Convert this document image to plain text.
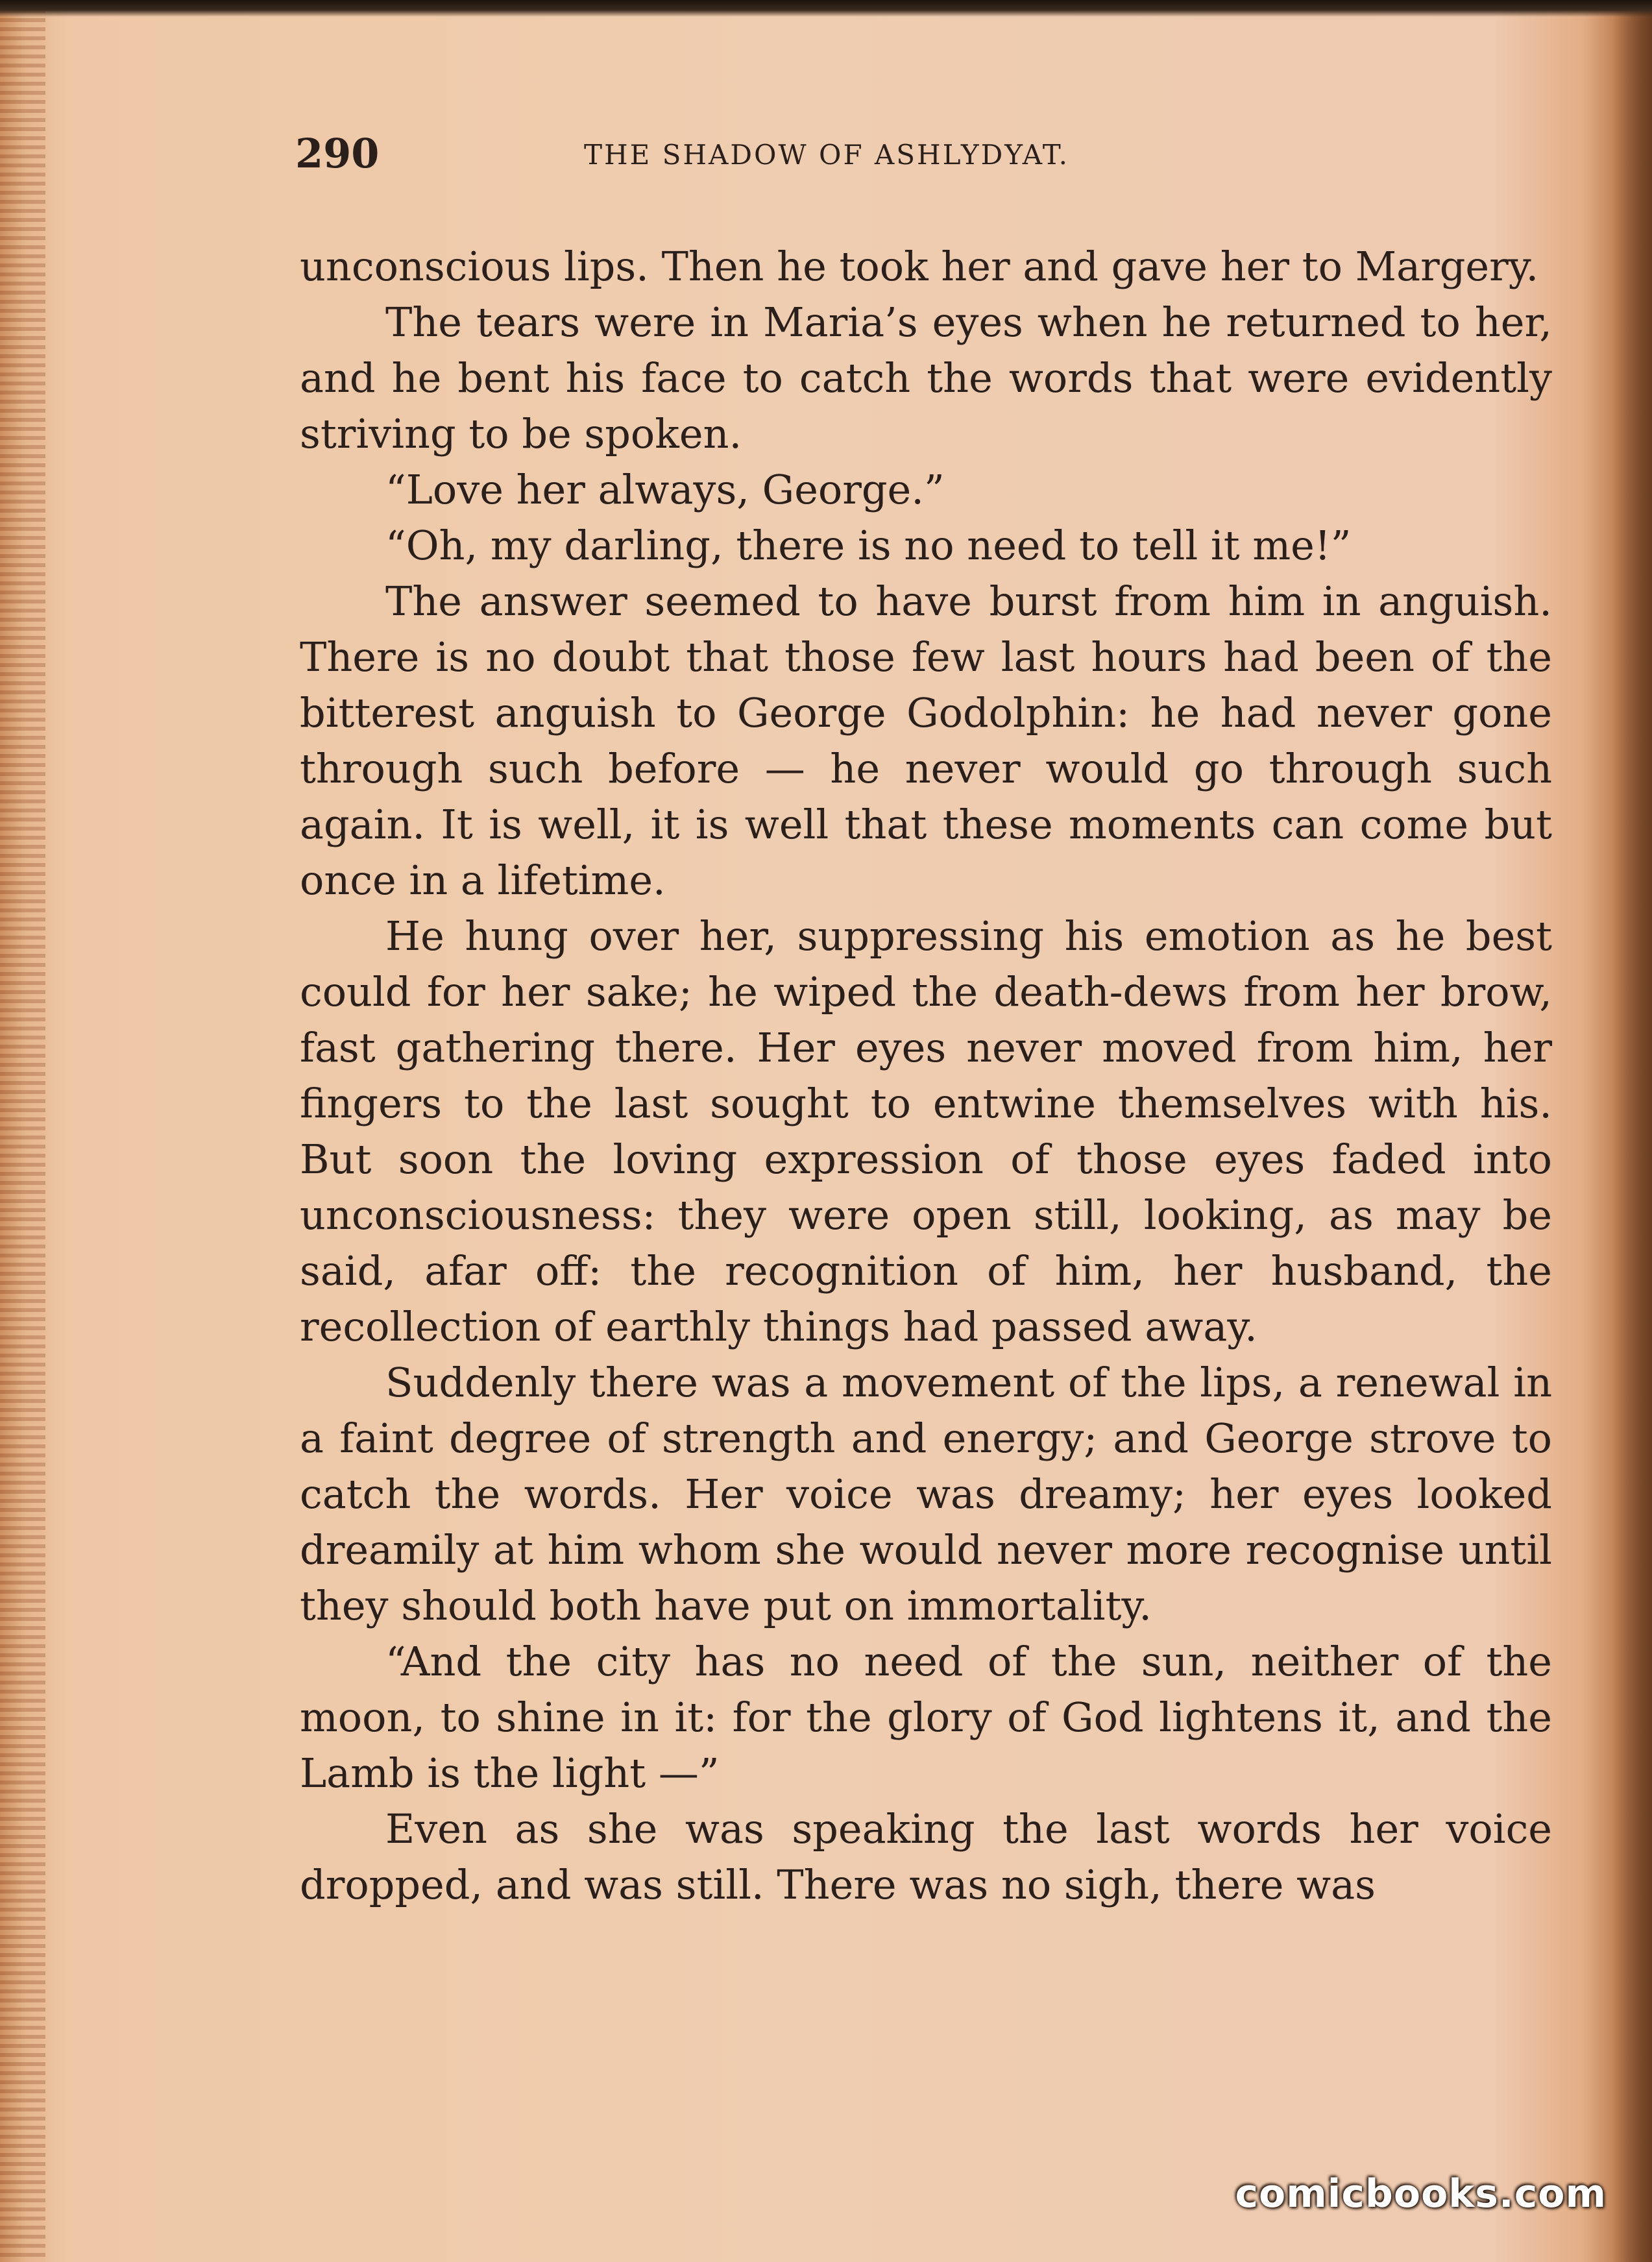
290	THE SHADOW OF ASHLYDYAT.

unconscious lips. Then he took her and gave her to Margery.

The tears were in Maria’s eyes when he returned to her, and he bent his face to catch the words that were evidently striving to be spoken.

“Love her always, George.”

“Oh, my darling, there is no need to tell it me!”

The answer seemed to have burst from him in anguish. There is no doubt that those few last hours had been of the bitterest anguish to George Godolphin: he had never gone through such before — he never would go through such again. It is well, it is well that these moments can come but once in a lifetime.

He hung over her, suppressing his emotion as he best could for her sake; he wiped the death-dews from her brow, fast gathering there. Her eyes never moved from him, her fingers to the last sought to entwine themselves with his. But soon the loving expression of those eyes faded into unconsciousness: they were open still, looking, as may be said, afar off: the recognition of him, her husband, the recollection of earthly things had passed away.

Suddenly there was a movement of the lips, a renewal in a faint degree of strength and energy; and George strove to catch the words. Her voice was dreamy; her eyes looked dreamily at him whom she would never more recognise until they should both have put on immortality.

“And the city has no need of the sun, neither of the moon, to shine in it: for the glory of God lightens it, and the Lamb is the light —”

Even as she was speaking the last words her voice dropped, and was still. There was no sigh, there was

comicbooks.com
